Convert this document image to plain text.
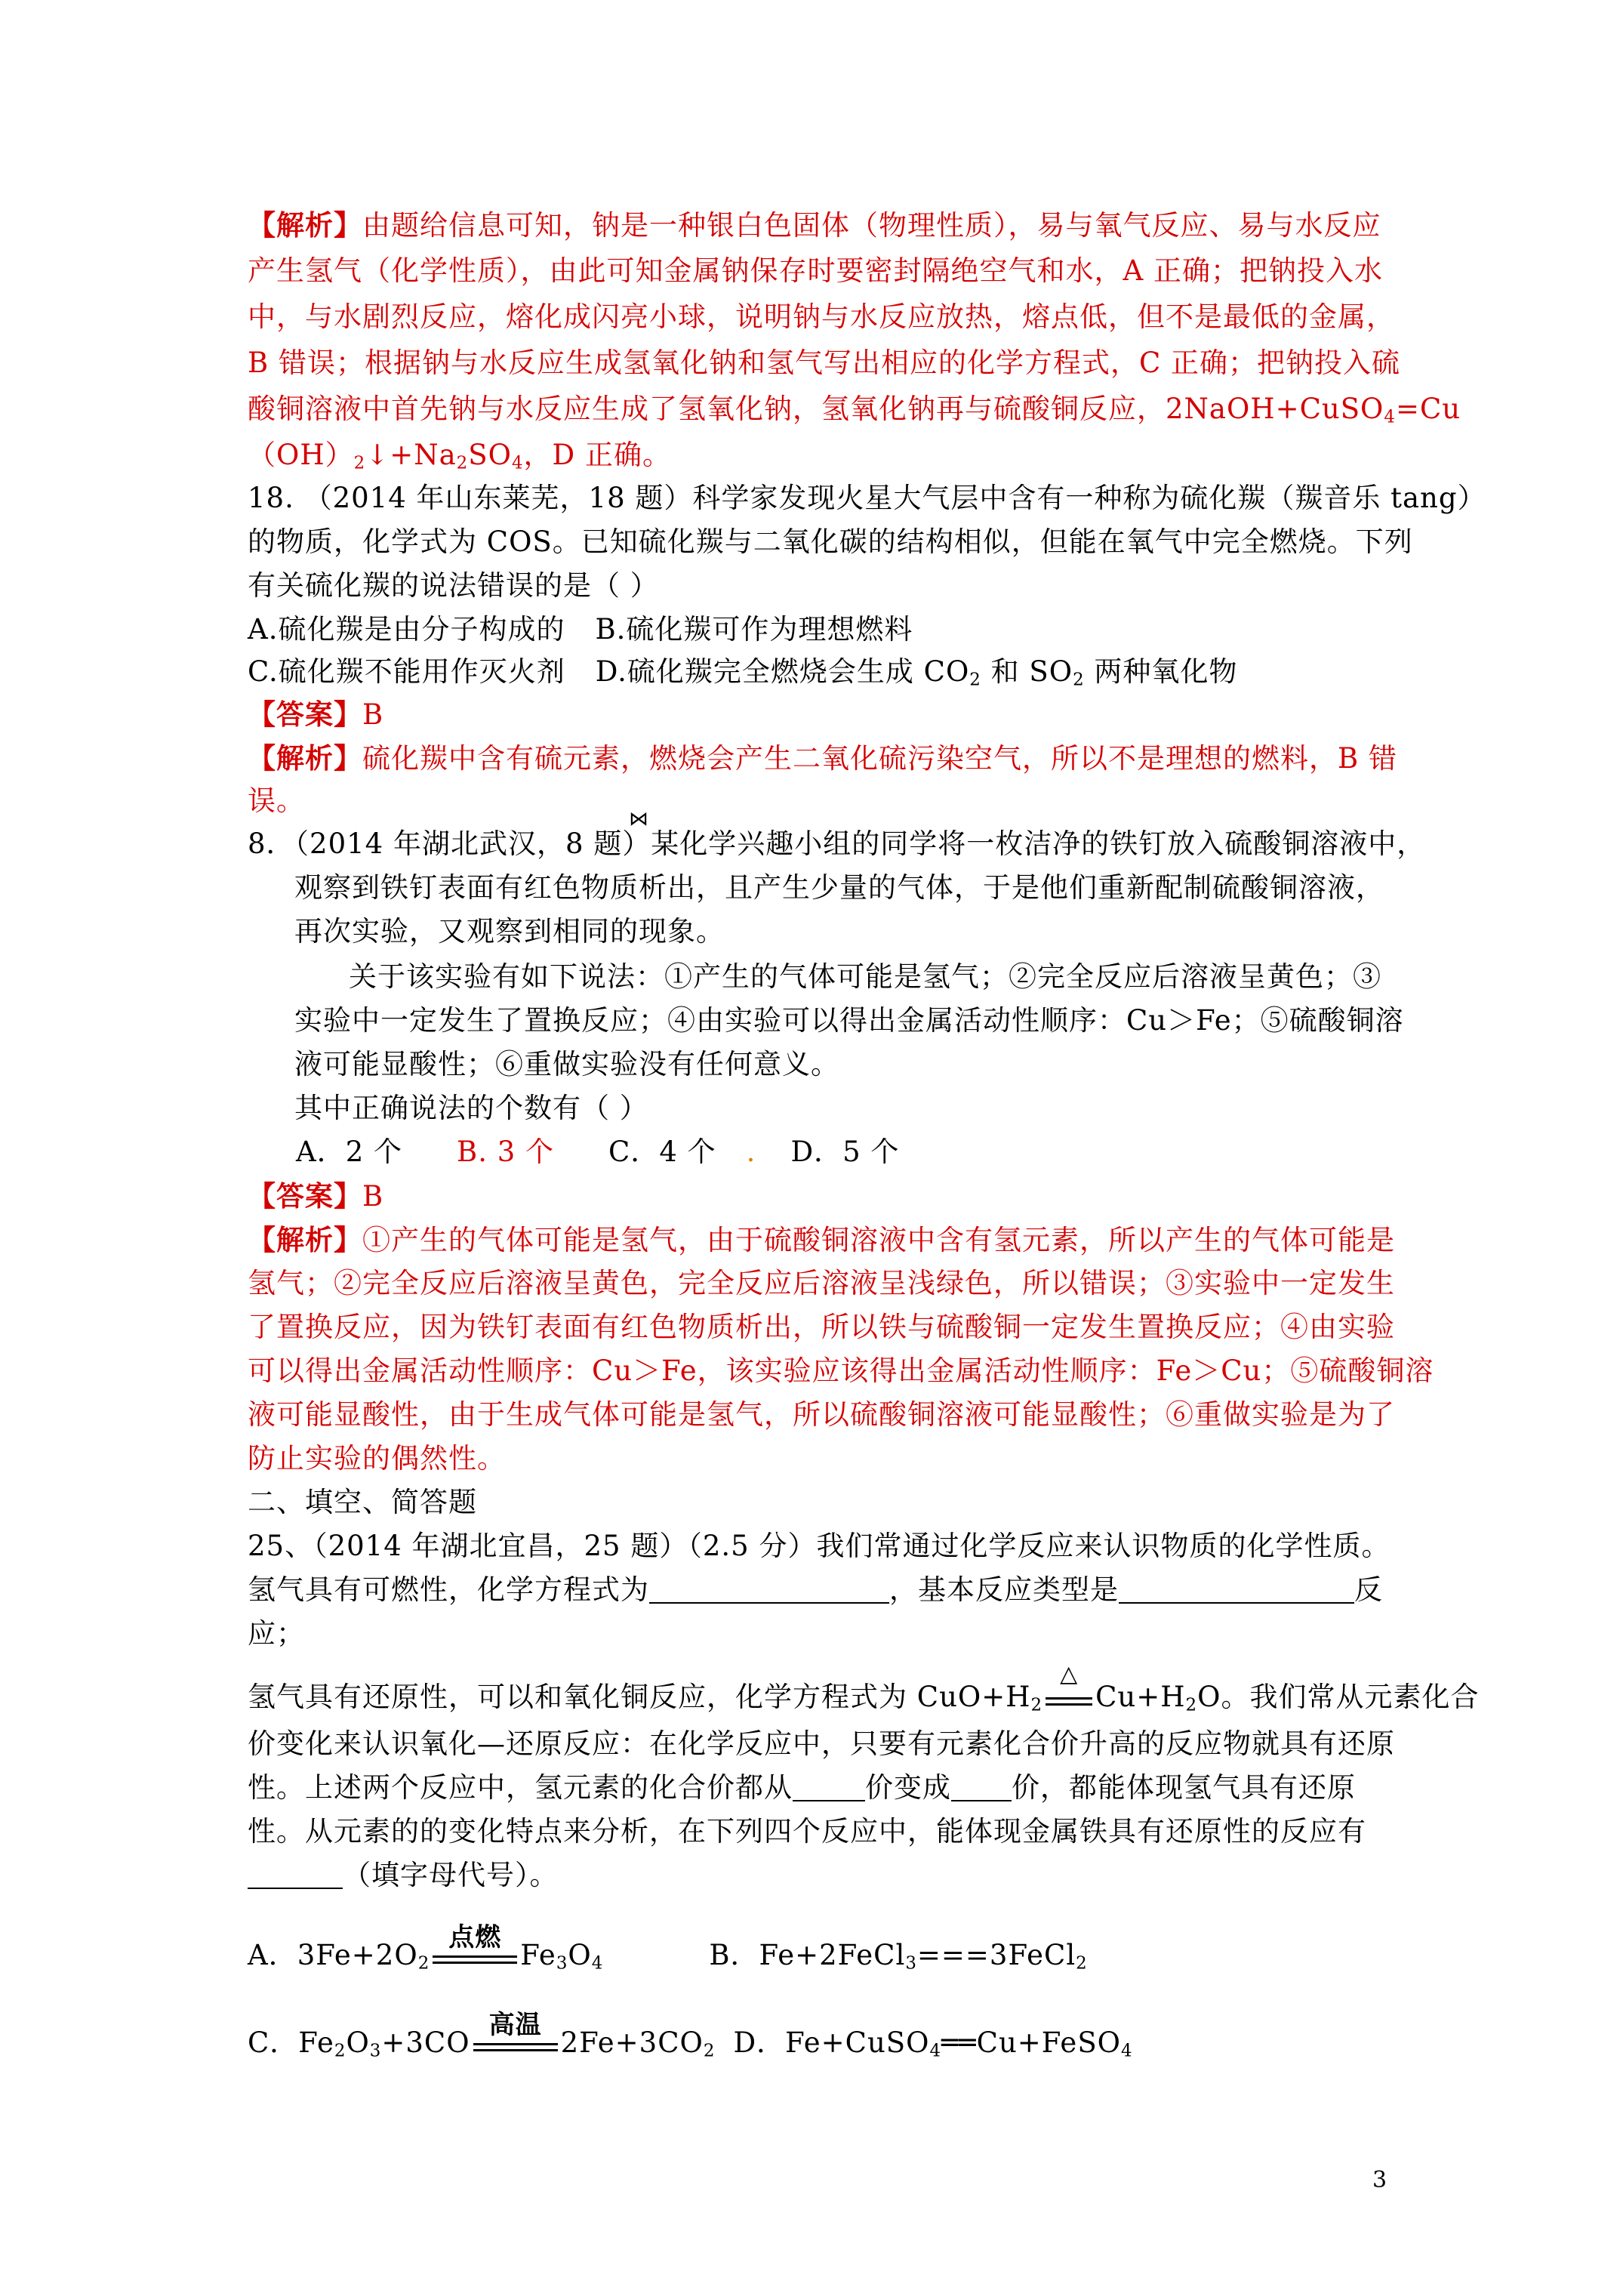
【解析】由题给信息可知，钠是一种银白色固体（物理性质），易与氧气反应、易与水反应
产生氢气（化学性质），由此可知金属钠保存时要密封隔绝空气和水，A 正确；把钠投入水
中，与水剧烈反应，熔化成闪亮小球，说明钠与水反应放热，熔点低，但不是最低的金属，
B 错误；根据钠与水反应生成氢氧化钠和氢气写出相应的化学方程式，C 正确；把钠投入硫
酸铜溶液中首先钠与水反应生成了氢氧化钠，氢氧化钠再与硫酸铜反应，2NaOH+CuSO$_4$=Cu
$(OH)_2↓+Na_2SO_4$，D 正确。
18. （2014 年山东莱芜，18 题）科学家发现火星大气层中含有一种称为硫化羰（羰音乐 tang）
的物质，化学式为 COS。已知硫化羰与二氧化碳的结构相似，但能在氧气中完全燃烧。下列
有关硫化羰的说法错误的是（ ）
A.硫化羰是由分子构成的 B.硫化羰可作为理想燃料
C.硫化羰不能用作灭火剂 D.硫化羰完全燃烧会生成 $CO_2$ 和 $SO_2$ 两种氧化物
【答案】B
【解析】硫化羰中含有硫元素，燃烧会产生二氧化硫污染空气，所以不是理想的燃料，B 错
误。
⋈
8．（2014 年湖北武汉，8 题）某化学兴趣小组的同学将一枚洁净的铁钉放入硫酸铜溶液中，
观察到铁钉表面有红色物质析出，且产生少量的气体，于是他们重新配制硫酸铜溶液，
再次实验，又观察到相同的现象。
关于该实验有如下说法：①产生的气体可能是氢气；②完全反应后溶液呈黄色；③
实验中一定发生了置换反应；④由实验可以得出金属活动性顺序：Cu＞Fe；⑤硫酸铜溶
液可能显酸性；⑥重做实验没有任何意义。
其中正确说法的个数有（ ）
A．2 个 B. 3 个 C．4 个 . D．5 个
【答案】B
【解析】①产生的气体可能是氢气，由于硫酸铜溶液中含有氢元素，所以产生的气体可能是
氢气；②完全反应后溶液呈黄色，完全反应后溶液呈浅绿色，所以错误；③实验中一定发生
了置换反应，因为铁钉表面有红色物质析出，所以铁与硫酸铜一定发生置换反应；④由实验
可以得出金属活动性顺序：Cu＞Fe，该实验应该得出金属活动性顺序：Fe＞Cu；⑤硫酸铜溶
液可能显酸性，由于生成气体可能是氢气，所以硫酸铜溶液可能显酸性；⑥重做实验是为了
防止实验的偶然性。
二、填空、简答题
25、（2014 年湖北宜昌，25 题）（2.5 分）我们常通过化学反应来认识物质的化学性质。
氢气具有可燃性，化学方程式为	，基本反应类型是	反
应；
氢气具有还原性，可以和氧化铜反应，化学方程式为 $CuO+H_2$
△
$Cu+H_2O$。我们常从元素化合
价变化来认识氧化—还原反应：在化学反应中，只要有元素化合价升高的反应物就具有还原
性。上述两个反应中，氢元素的化合价都从	价变成 价，都能体现氢气具有还原
性。从元素的的变化特点来分析，在下列四个反应中，能体现金属铁具有还原性的反应有
（填字母代号）。
A．$3Fe+2O_2$
点燃
$Fe_3O_4$	B．Fe+2FeCl$_3$===3FeCl$_2$
C．$Fe_2O_3+3CO$
高温
$2Fe+3CO_2$ D．Fe+CuSO$_4$══Cu+FeSO$_4$
3
